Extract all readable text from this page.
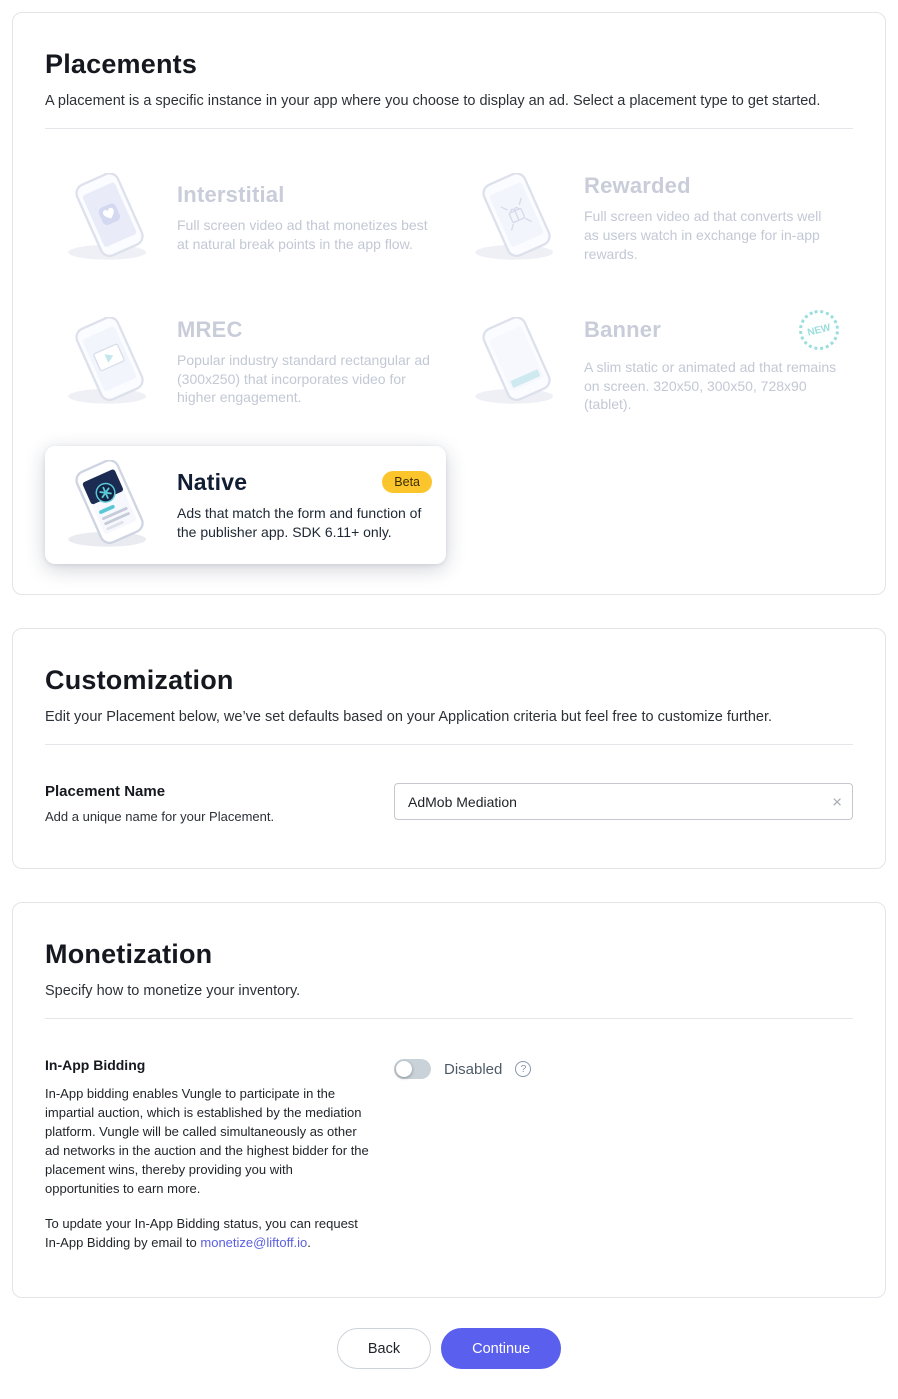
Placements

A placement is a specific instance in your app where you choose to display an ad. Select a placement type to get started.

Interstitial

Full screen video ad that monetizes best at natural break points in the app flow.

Rewarded

Full screen video ad that converts well as users watch in exchange for in-app rewards.

MREC

Popular industry standard rectangular ad (300x250) that incorporates video for higher engagement.

Banner	NEW

A slim static or animated ad that remains on screen. 320x50, 300x50, 728x90 (tablet).

Native	Beta

Ads that match the form and function of the publisher app. SDK 6.11+ only.

Customization

Edit your Placement below, we’ve set defaults based on your Application criteria but feel free to customize further.

Placement Name
Add a unique name for your Placement.
AdMob Mediation
×
Monetization

Specify how to monetize your inventory.

In-App Bidding

In-App bidding enables Vungle to participate in the impartial auction, which is established by the mediation platform. Vungle will be called simultaneously as other ad networks in the auction and the highest bidder for the placement wins, thereby providing you with opportunities to earn more.

To update your In-App Bidding status, you can request In-App Bidding by email to monetize@liftoff.io.

Disabled	?
Back	Continue
